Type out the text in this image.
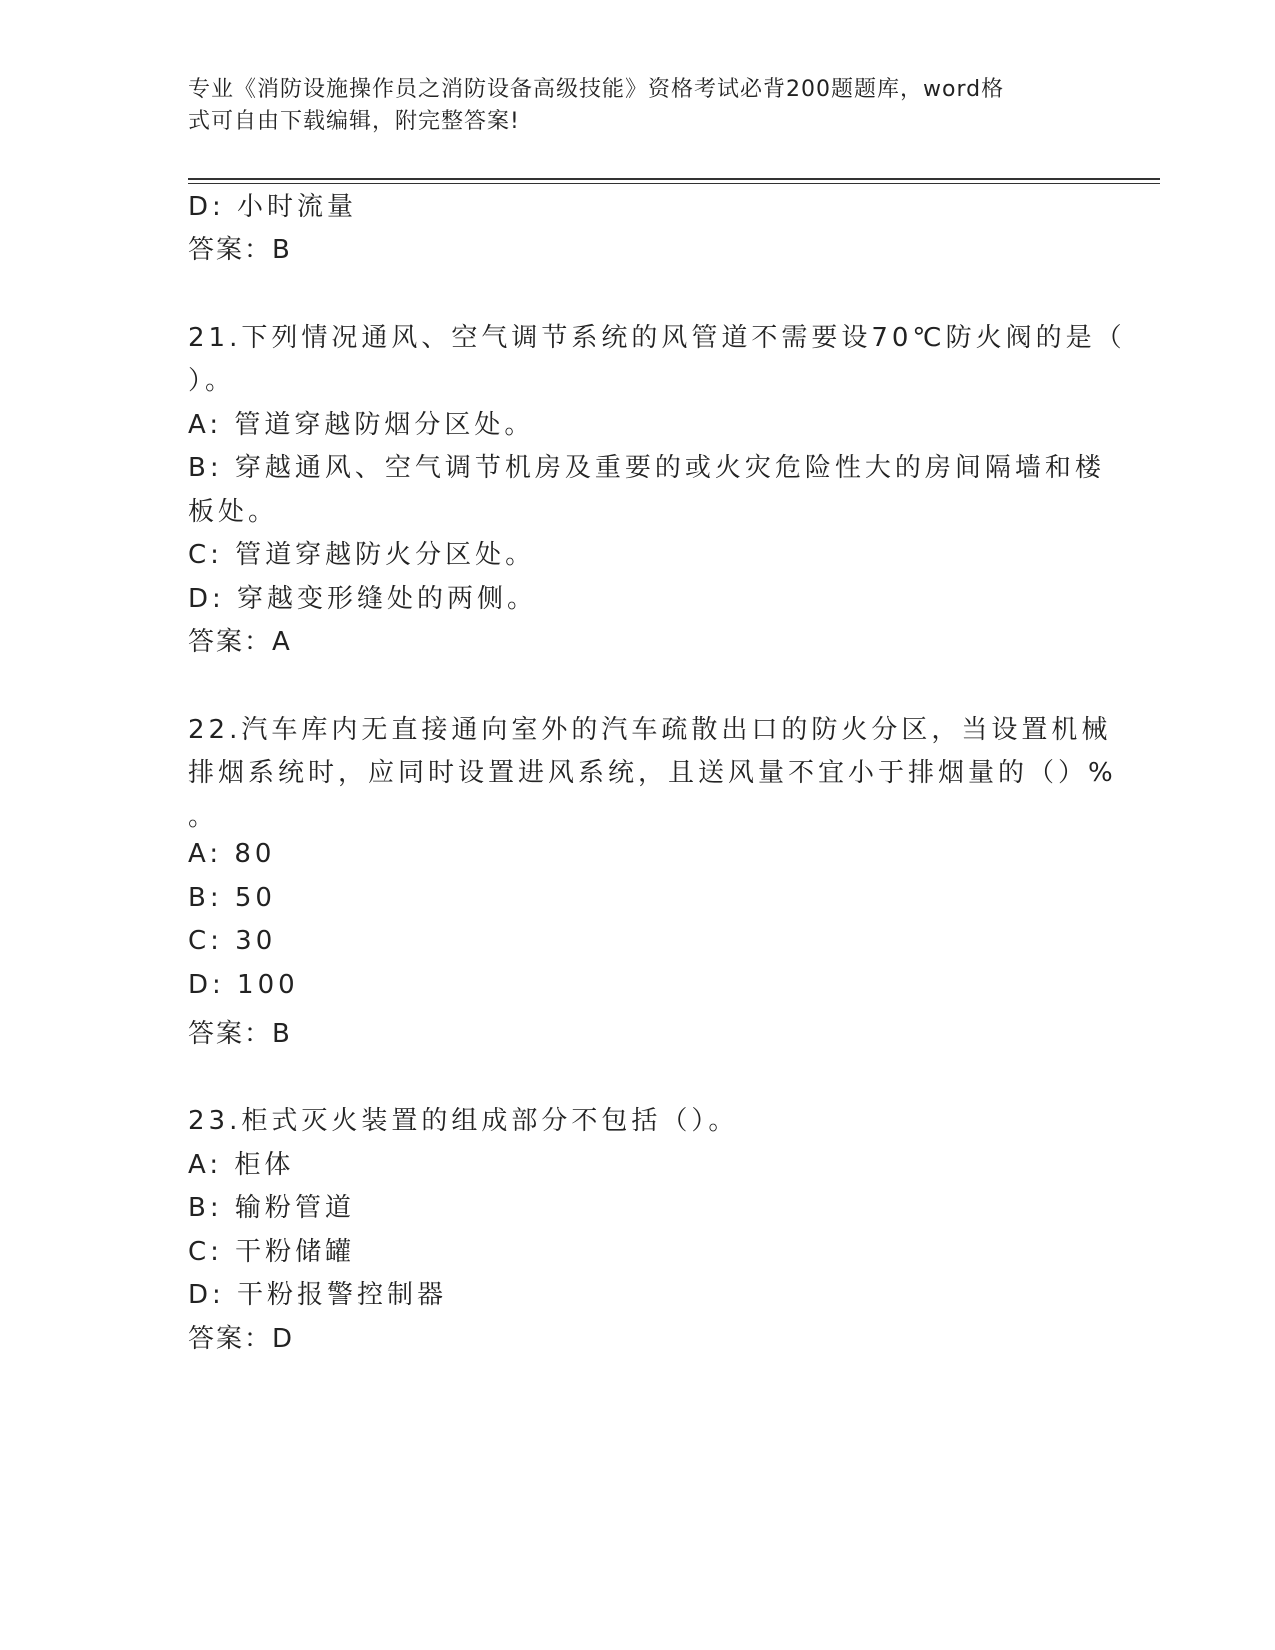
专业《消防设施操作员之消防设备高级技能》资格考试必背200题题库，word格
式可自由下载编辑，附完整答案!
D: 小时流量
答案：B
21.下列情况通风、空气调节系统的风管道不需要设70℃防火阀的是（
）。
A: 管道穿越防烟分区处。
B: 穿越通风、空气调节机房及重要的或火灾危险性大的房间隔墙和楼
板处。
C: 管道穿越防火分区处。
D: 穿越变形缝处的两侧。
答案：A
22.汽车库内无直接通向室外的汽车疏散出口的防火分区，当设置机械
排烟系统时，应同时设置进风系统，且送风量不宜小于排烟量的（）%
。
A: 80
B: 50
C: 30
D: 100
答案：B
23.柜式灭火装置的组成部分不包括（）。
A: 柜体
B: 输粉管道
C: 干粉储罐
D: 干粉报警控制器
答案：D
